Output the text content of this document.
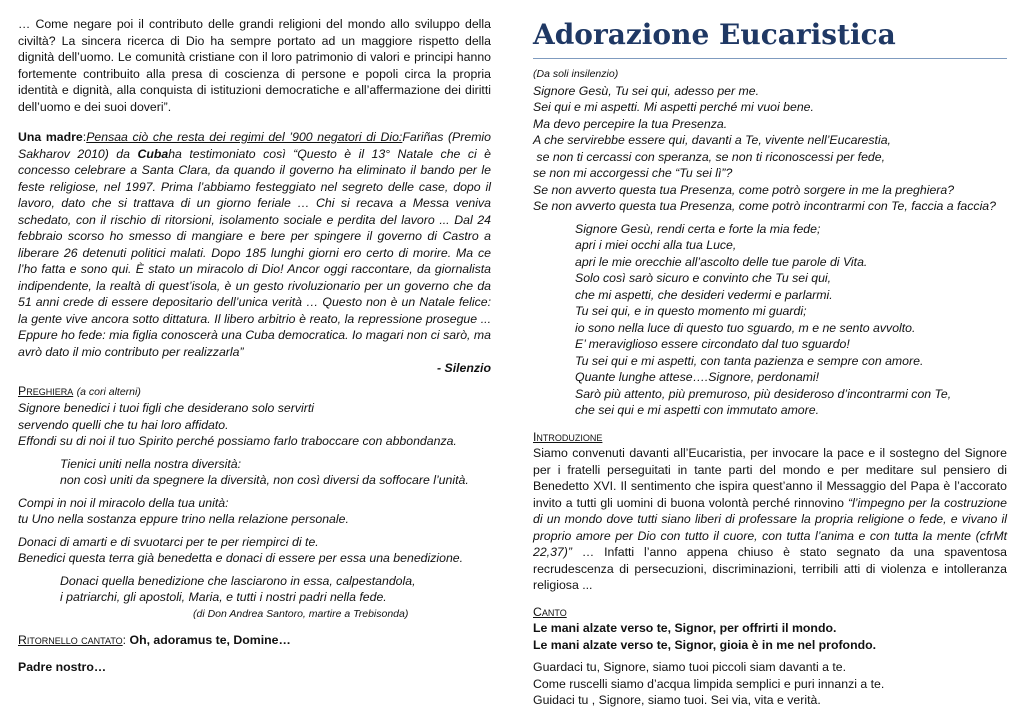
… Come negare poi il contributo delle grandi religioni del mondo allo sviluppo della civiltà? La sincera ricerca di Dio ha sempre portato ad un maggiore rispetto della dignità dell’uomo. Le comunità cristiane con il loro patrimonio di valori e principi hanno fortemente contribuito alla presa di coscienza di persone e popoli circa la propria identità e dignità, alla conquista di istituzioni democratiche e all’affermazione dei diritti dell’uomo e dei suoi doveri”.

Una madre:Pensaa ciò che resta dei regimi del ’900 negatori di Dio:Fariñas (Premio Sakharov 2010) da Cubaha testimoniato così “Questo è il 13° Natale che ci è concesso celebrare a Santa Clara, da quando il governo ha eliminato il bando per le feste religiose, nel 1997. Prima l’abbiamo festeggiato nel segreto delle case, dopo il lavoro, dato che si trattava di un giorno feriale … Chi si recava a Messa veniva schedato, con il rischio di ritorsioni, isolamento sociale e perdita del lavoro ... Dal 24 febbraio scorso ho smesso di mangiare e bere per spingere il governo di Castro a liberare 26 detenuti politici malati. Dopo 185 lunghi giorni ero certo di morire. Ma ce l’ho fatta e sono qui. È stato un miracolo di Dio! Ancor oggi raccontare, da giornalista indipendente, la realtà di quest’isola, è un gesto rivoluzionario per un governo che da 51 anni crede di essere depositario dell’unica verità … Questo non è un Natale felice: la gente vive ancora sotto dittatura. Il libero arbitrio è reato, la repressione prosegue ... Eppure ho fede: mia figlia conoscerà una Cuba democratica. Io magari non ci sarò, ma avrò dato il mio contributo per realizzarla”

- Silenzio

Preghiera (a cori alterni)

Signore benedici i tuoi figli che desiderano solo servirti
servendo quelli che tu hai loro affidato.
Effondi su di noi il tuo Spirito perché possiamo farlo traboccare con abbondanza.
Tienici uniti nella nostra diversità:
non così uniti da spegnere la diversità, non così diversi da soffocare l’unità.
Compi in noi il miracolo della tua unità:
tu Uno nella sostanza eppure trino nella relazione personale.
Donaci di amarti e di svuotarci per te per riempirci di te.
Benedici questa terra già benedetta e donaci di essere per essa una benedizione.
Donaci quella benedizione che lasciarono in essa, calpestandola,
i patriarchi, gli apostoli, Maria, e tutti i nostri padri nella fede.

(di Don Andrea Santoro, martire a Trebisonda)

Ritornello cantato: Oh, adoramus te, Domine…

Padre nostro…

Adorazione Eucaristica

(Da soli insilenzio)

Signore Gesù, Tu sei qui, adesso per me.
Sei qui e mi aspetti. Mi aspetti perché mi vuoi bene.
Ma devo percepire la tua Presenza.
A che servirebbe essere qui, davanti a Te, vivente nell’Eucarestia,
se non ti cercassi con speranza, se non ti riconoscessi per fede,
se non mi accorgessi che “Tu sei lì”?
Se non avverto questa tua Presenza, come potrò sorgere in me la preghiera?
Se non avverto questa tua Presenza, come potrò incontrarmi con Te, faccia a faccia?
Signore Gesù, rendi certa e forte la mia fede;
apri i miei occhi alla tua Luce,
apri le mie orecchie all’ascolto delle tue parole di Vita.
Solo così sarò sicuro e convinto che Tu sei qui,
che mi aspetti, che desideri vedermi e parlarmi.
Tu sei qui, e in questo momento mi guardi;
io sono nella luce di questo tuo sguardo, m e ne sento avvolto.
E’ meraviglioso essere circondato dal tuo sguardo!
Tu sei qui e mi aspetti, con tanta pazienza e sempre con amore.
Quante lunghe attese….Signore, perdonami!
Sarò più attento, più premuroso, più desideroso d’incontrarmi con Te,
che sei qui e mi aspetti con immutato amore.

Introduzione

Siamo convenuti davanti all’Eucaristia, per invocare la pace e il sostegno del Signore per i fratelli perseguitati in tante parti del mondo e per meditare sul pensiero di Benedetto XVI. Il sentimento che ispira quest’anno il Messaggio del Papa è l’accorato invito a tutti gli uomini di buona volontà perché rinnovino “l’impegno per la costruzione di un mondo dove tutti siano liberi di professare la propria religione o fede, e vivano il proprio amore per Dio con tutto il cuore, con tutta l’anima e con tutta la mente (cfrMt 22,37)” … Infatti l’anno appena chiuso è stato segnato da una spaventosa recrudescenza di persecuzioni, discriminazioni, terribili atti di violenza e intolleranza religiosa ...

Canto

Le mani alzate verso te, Signor, per offrirti il mondo.
Le mani alzate verso te, Signor, gioia è in me nel profondo.
Guardaci tu, Signore, siamo tuoi piccoli siam davanti a te.
Come ruscelli siamo d’acqua limpida semplici e puri innanzi a te.
Guidaci tu , Signore, siamo tuoi. Sei via, vita e verità.
